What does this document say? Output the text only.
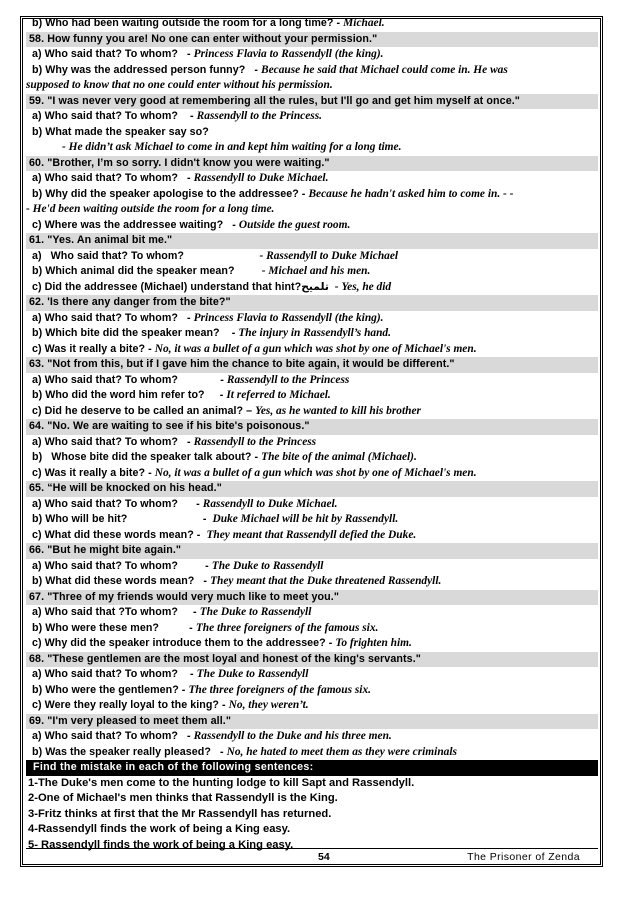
b) Who had been waiting outside the room for a long time? - Michael.
58. How funny you are! No one can enter without your permission."
a) Who said that? To whom?   - Princess Flavia to Rassendyll (the king).
b) Why was the addressed person funny?   - Because he said that Michael could come in. He was
supposed to know that no one could enter without his permission.
59. "I was never very good at remembering all the rules, but I'll go and get him myself at once."
a) Who said that? To whom?    - Rassendyll to the Princess.
b) What made the speaker say so?
- He didn’t ask Michael to come in and kept him waiting for a long time.
60. "Brother, I’m so sorry. I didn't know you were waiting."
a) Who said that? To whom?   - Rassendyll to Duke Michael.
b) Why did the speaker apologise to the addressee? - Because he hadn't asked him to come in. - -
- He'd been waiting outside the room for a long time.
c) Where was the addressee waiting?   - Outside the guest room.
61. "Yes. An animal bit me."
a)   Who said that? To whom?                         - Rassendyll to Duke Michael
b) Which animal did the speaker mean?         - Michael and his men.
c) Did the addressee (Michael) understand that hint?تلميح  - Yes, he did
62. 'Is there any danger from the bite?"
a) Who said that? To whom?   - Princess Flavia to Rassendyll (the king).
b) Which bite did the speaker mean?    - The injury in Rassendyll’s hand.
c) Was it really a bite? - No, it was a bullet of a gun which was shot by one of Michael's men.
63. "Not from this, but if I gave him the chance to bite again, it would be different."
a) Who said that? To whom?              - Rassendyll to the Princess
b) Who did the word him refer to?     - It referred to Michael.
c) Did he deserve to be called an animal? – Yes, as he wanted to kill his brother
64. "No. We are waiting to see if his bite's poisonous."
a) Who said that? To whom?   - Rassendyll to the Princess
b)   Whose bite did the speaker talk about? - The bite of the animal (Michael).
c) Was it really a bite? - No, it was a bullet of a gun which was shot by one of Michael's men.
65. “He will be knocked on his head."
a) Who said that? To whom?      - Rassendyll to Duke Michael.
b) Who will be hit?                         -  Duke Michael will be hit by Rassendyll.
c) What did these words mean? -  They meant that Rassendyll defied the Duke.
66. "But he might bite again."
a) Who said that? To whom?         - The Duke to Rassendyll
b) What did these words mean?   - They meant that the Duke threatened Rassendyll.
67. "Three of my friends would very much like to meet you."
a) Who said that ?To whom?     - The Duke to Rassendyll
b) Who were these men?          - The three foreigners of the famous six.
c) Why did the speaker introduce them to the addressee? - To frighten him.
68. "These gentlemen are the most loyal and honest of the king's servants."
a) Who said that? To whom?    - The Duke to Rassendyll
b) Who were the gentlemen? - The three foreigners of the famous six.
c) Were they really loyal to the king? - No, they weren’t.
69. "I'm very pleased to meet them all."
a) Who said that? To whom?   - Rassendyll to the Duke and his three men.
b) Was the speaker really pleased?   - No, he hated to meet them as they were criminals
Find the mistake in each of the following sentences:
1-The Duke's men come to the hunting lodge to kill Sapt and Rassendyll.
2-One of Michael's men thinks that Rassendyll is the King.
3-Fritz thinks at first that the Mr Rassendyll has returned.
4-Rassendyll finds the work of being a King easy.
5- Rassendyll finds the work of being a King easy.
54	The Prisoner of Zenda
